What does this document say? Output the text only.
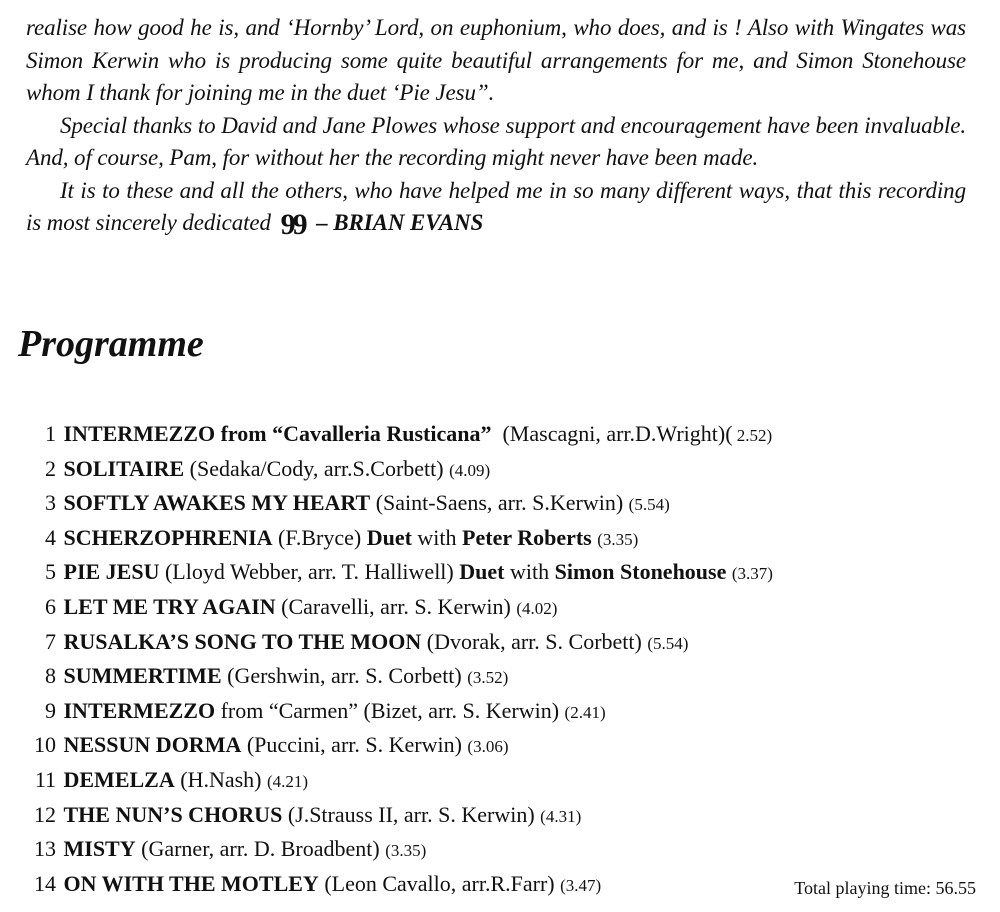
realise how good he is, and ‘Hornby’ Lord, on euphonium, who does, and is ! Also with Wingates was Simon Kerwin who is producing some quite beautiful arrangements for me, and Simon Stonehouse whom I thank for joining me in the duet ‘Pie Jesu”.

Special thanks to David and Jane Plowes whose support and encouragement have been invaluable. And, of course, Pam, for without her the recording might never have been made.

It is to these and all the others, who have helped me in so many different ways, that this recording is most sincerely dedicated 99 – BRIAN EVANS

Programme
1 INTERMEZZO from “Cavalleria Rusticana” (Mascagni, arr.D.Wright)( 2.52)
2 SOLITAIRE (Sedaka/Cody, arr.S.Corbett) (4.09)
3 SOFTLY AWAKES MY HEART (Saint-Saens, arr. S.Kerwin) (5.54)
4 SCHERZOPHRENIA (F.Bryce) Duet with Peter Roberts (3.35)
5 PIE JESU (Lloyd Webber, arr. T. Halliwell) Duet with Simon Stonehouse (3.37)
6 LET ME TRY AGAIN (Caravelli, arr. S. Kerwin) (4.02)
7 RUSALKA’S SONG TO THE MOON (Dvorak, arr. S. Corbett) (5.54)
8 SUMMERTIME (Gershwin, arr. S. Corbett) (3.52)
9 INTERMEZZO from “Carmen” (Bizet, arr. S. Kerwin) (2.41)
10 NESSUN DORMA (Puccini, arr. S. Kerwin) (3.06)
11 DEMELZA (H.Nash) (4.21)
12 THE NUN’S CHORUS (J.Strauss II, arr. S. Kerwin) (4.31)
13 MISTY (Garner, arr. D. Broadbent) (3.35)
14 ON WITH THE MOTLEY (Leon Cavallo, arr.R.Farr) (3.47)	Total playing time: 56.55
